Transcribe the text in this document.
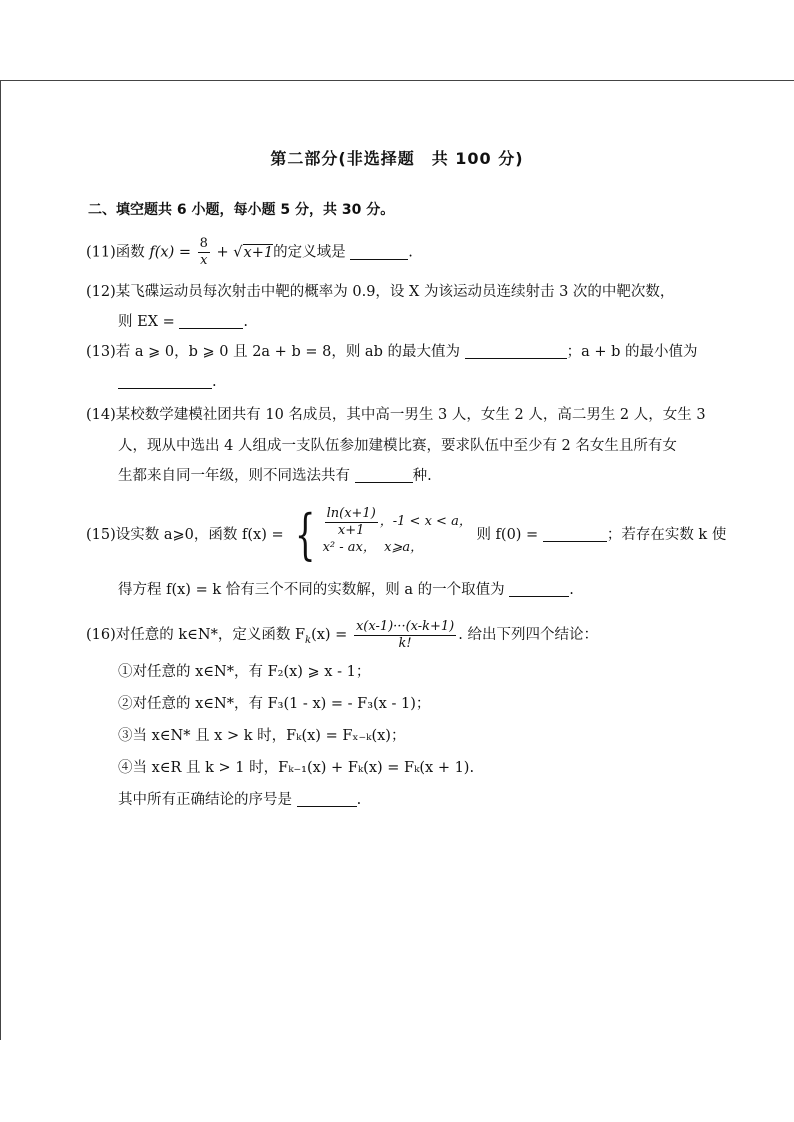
第二部分(非选择题　共 100 分)
二、填空题共 6 小题，每小题 5 分，共 30 分。
(11)函数 $f(x) = \frac{8}{x} + √x+1$的定义域是	.
(12)某飞碟运动员每次射击中靶的概率为 0.9，设 X 为该运动员连续射击 3 次的中靶次数，
则 EX =	.
(13)若 a ⩾ 0，b ⩾ 0 且 2a + b = 8，则 ab 的最大值为	；a + b 的最小值为
.
(14)某校数学建模社团共有 10 名成员，其中高一男生 3 人，女生 2 人，高二男生 2 人，女生 3
人，现从中选出 4 人组成一支队伍参加建模比赛，要求队伍中至少有 2 名女生且所有女
生都来自同一年级，则不同选法共有	种.
(15)设实数 a⩾0，函数 f(x) = { $\frac{\ln(x+1)}{x+1}$ ，-1 < x < a，
x² - ax，
x⩾a，
则 f(0) =	；若存在实数 k 使
得方程 f(x) = k 恰有三个不同的实数解，则 a 的一个取值为	.
(16)对任意的 k∈N*，定义函数 $F_k(x) = \frac{x(x-1)\cdot\cdot\cdot(x-k+1)}{k!}$ . 给出下列四个结论：
①对任意的 x∈N*，有 F₂(x) ⩾ x - 1；
②对任意的 x∈N*，有 F₃(1 - x) = - F₃(x - 1)；
③当 x∈N* 且 x > k 时，Fₖ(x) = Fₓ₋ₖ(x)；
④当 x∈R 且 k > 1 时，Fₖ₋₁(x) + Fₖ(x) = Fₖ(x + 1).
其中所有正确结论的序号是	.
